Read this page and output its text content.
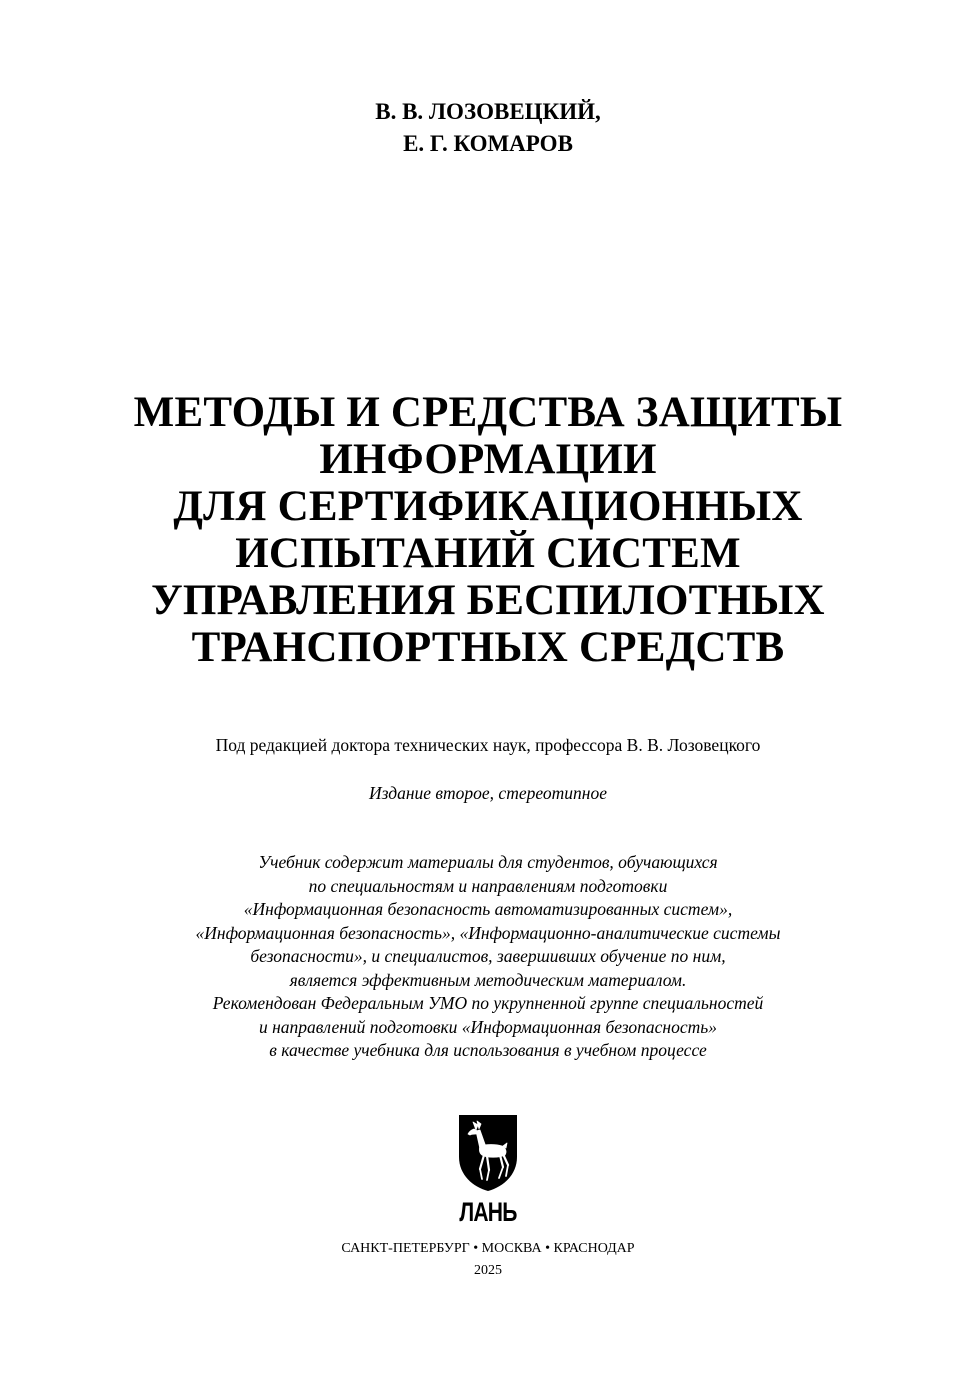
В. В. ЛОЗОВЕЦКИЙ,
Е. Г. КОМАРОВ
МЕТОДЫ И СРЕДСТВА ЗАЩИТЫ
ИНФОРМАЦИИ
ДЛЯ СЕРТИФИКАЦИОННЫХ
ИСПЫТАНИЙ СИСТЕМ
УПРАВЛЕНИЯ БЕСПИЛОТНЫХ
ТРАНСПОРТНЫХ СРЕДСТВ
Под редакцией доктора технических наук, профессора В. В. Лозовецкого
Издание второе, стереотипное
Учебник содержит материалы для студентов, обучающихся
по специальностям и направлениям подготовки
«Информационная безопасность автоматизированных систем»,
«Информационная безопасность», «Информационно-аналитические системы
безопасности», и специалистов, завершивших обучение по ним,
является эффективным методическим материалом.
Рекомендован Федеральным УМО по укрупненной группе специальностей
и направлений подготовки «Информационная безопасность»
в качестве учебника для использования в учебном процессе
ЛАНЬ
САНКТ-ПЕТЕРБУРГ • МОСКВА • КРАСНОДАР
2025
